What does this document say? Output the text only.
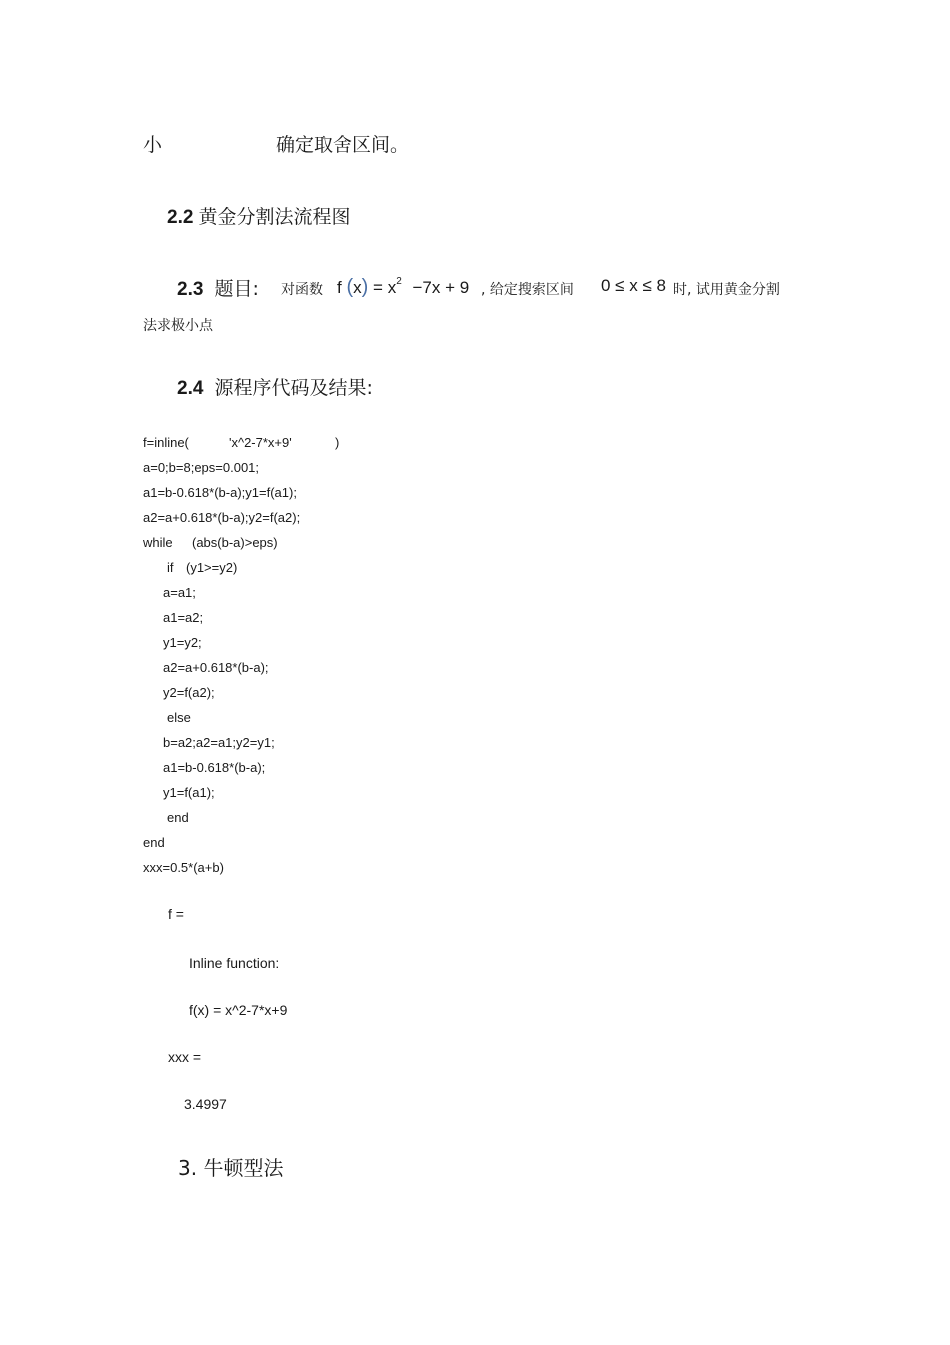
小	确定取舍区间。
2.2 黄金分割法流程图
2.3 题目: 对函数 f $(x) = x^2 -7x + 9$ , 给定搜索区间 0 ≤ x ≤ 8 时, 试用黄金分割
法求极小点
2.4 源程序代码及结果:
f=inline(	'x^2-7*x+9'	)
a=0;b=8;eps=0.001;
a1=b-0.618*(b-a);y1=f(a1);
a2=a+0.618*(b-a);y2=f(a2);
while (abs(b-a)>eps)
if (y1>=y2)
a=a1;
a1=a2;
y1=y2;
a2=a+0.618*(b-a);
y2=f(a2);
else
b=a2;a2=a1;y2=y1;
a1=b-0.618*(b-a);
y1=f(a1);
end
end
xxx=0.5*(a+b)
f =
Inline function:
f(x) = x^2-7*x+9
xxx =
3.4997
3. 牛顿型法
